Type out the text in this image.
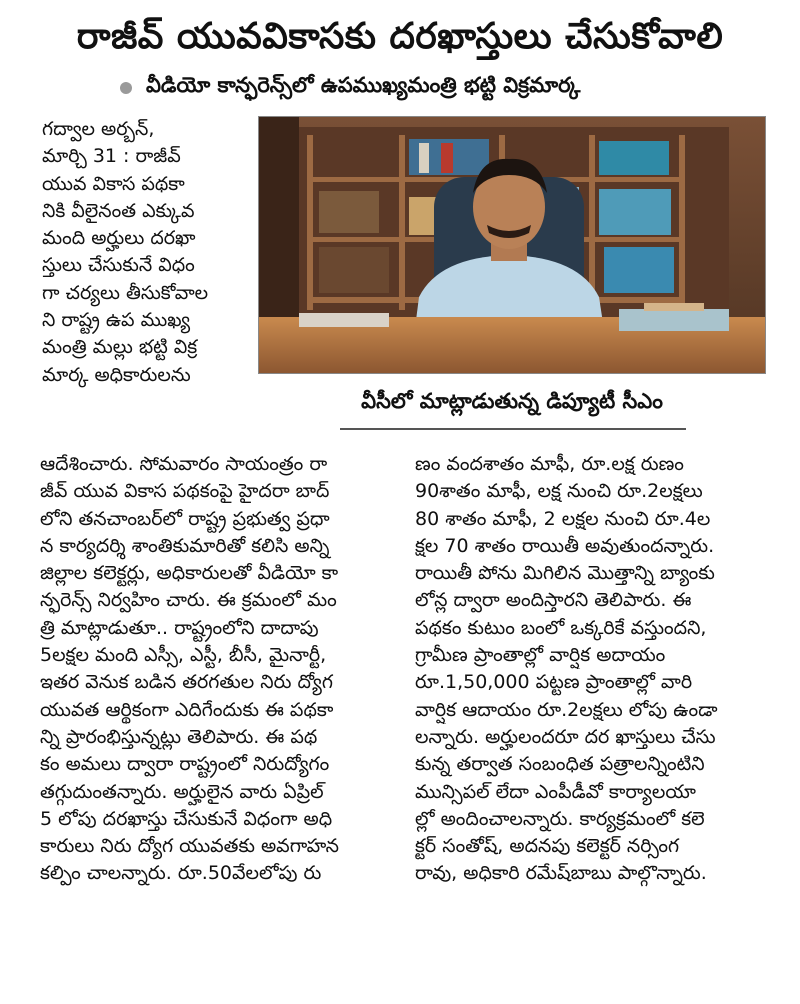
రాజీవ్ యువవికాసకు దరఖాస్తులు చేసుకోవాలి
వీడియో కాన్ఫరెన్స్‌లో ఉపముఖ్యమంత్రి భట్టి విక్రమార్క
గద్వాల అర్బన్,
మార్చి 31 : రాజీవ్
యువ వికాస పథకా
నికి వీలైనంత ఎక్కువ
మంది అర్హులు దరఖా
స్తులు చేసుకునే విధం
గా చర్యలు తీసుకోవాల
ని రాష్ట్ర ఉప ముఖ్య
మంత్రి మల్లు భట్టి విక్ర
మార్క అధికారులను
వీసీలో మాట్లాడుతున్న డిప్యూటీ సీఎం
ఆదేశించారు. సోమవారం సాయంత్రం రా
జీవ్ యువ వికాస పథకంపై హైదరా బాద్
లోని తనచాంబర్‌లో రాష్ట్ర ప్రభుత్వ ప్రధా
న కార్యదర్శి శాంతికుమారితో కలిసి అన్ని
జిల్లాల కలెక్టర్లు, అధికారులతో వీడియో కా
న్ఫరెన్స్ నిర్వహిం చారు. ఈ క్రమంలో మం
త్రి మాట్లాడుతూ.. రాష్ట్రంలోని దాదాపు
5లక్షల మంది ఎస్సీ, ఎస్టీ, బీసీ, మైనార్టీ,
ఇతర వెనుక బడిన తరగతుల నిరు ద్యోగ
యువత ఆర్థికంగా ఎదిగేందుకు ఈ పథకా
న్ని ప్రారంభిస్తున్నట్లు తెలిపారు. ఈ పథ
కం అమలు ద్వారా రాష్ట్రంలో నిరుద్యోగం
తగ్గుదుంతన్నారు. అర్హులైన వారు ఏప్రిల్
5 లోపు దరఖాస్తు చేసుకునే విధంగా అధి
కారులు నిరు ద్యోగ యువతకు అవగాహన
కల్పిం చాలన్నారు. రూ.50వేలలోపు రు
ణం వందశాతం మాఫీ, రూ.లక్ష రుణం
90శాతం మాఫీ, లక్ష నుంచి రూ.2లక్షలు
80 శాతం మాఫీ, 2 లక్షల నుంచి రూ.4ల
క్షల 70 శాతం రాయితీ అవుతుందన్నారు.
రాయితీ పోను మిగిలిన మొత్తాన్ని బ్యాంకు
లోన్ల ద్వారా అందిస్తారని తెలిపారు. ఈ
పథకం కుటుం బంలో ఒక్కరికే వస్తుందని,
గ్రామీణ ప్రాంతాల్లో వార్షిక అదాయం
రూ.1,50,000 పట్టణ ప్రాంతాల్లో వారి
వార్షిక ఆదాయం రూ.2లక్షలు లోపు ఉండా
లన్నారు. అర్హులందరూ దర ఖాస్తులు చేసు
కున్న తర్వాత సంబంధిత పత్రాలన్నింటిని
మున్సిపల్ లేదా ఎంపీడీవో కార్యాలయా
ల్లో అందించాలన్నారు. కార్యక్రమంలో కలె
క్టర్ సంతోష్, అదనపు కలెక్టర్ నర్సింగ
రావు, అధికారి రమేష్‌బాబు పాల్గొన్నారు.
